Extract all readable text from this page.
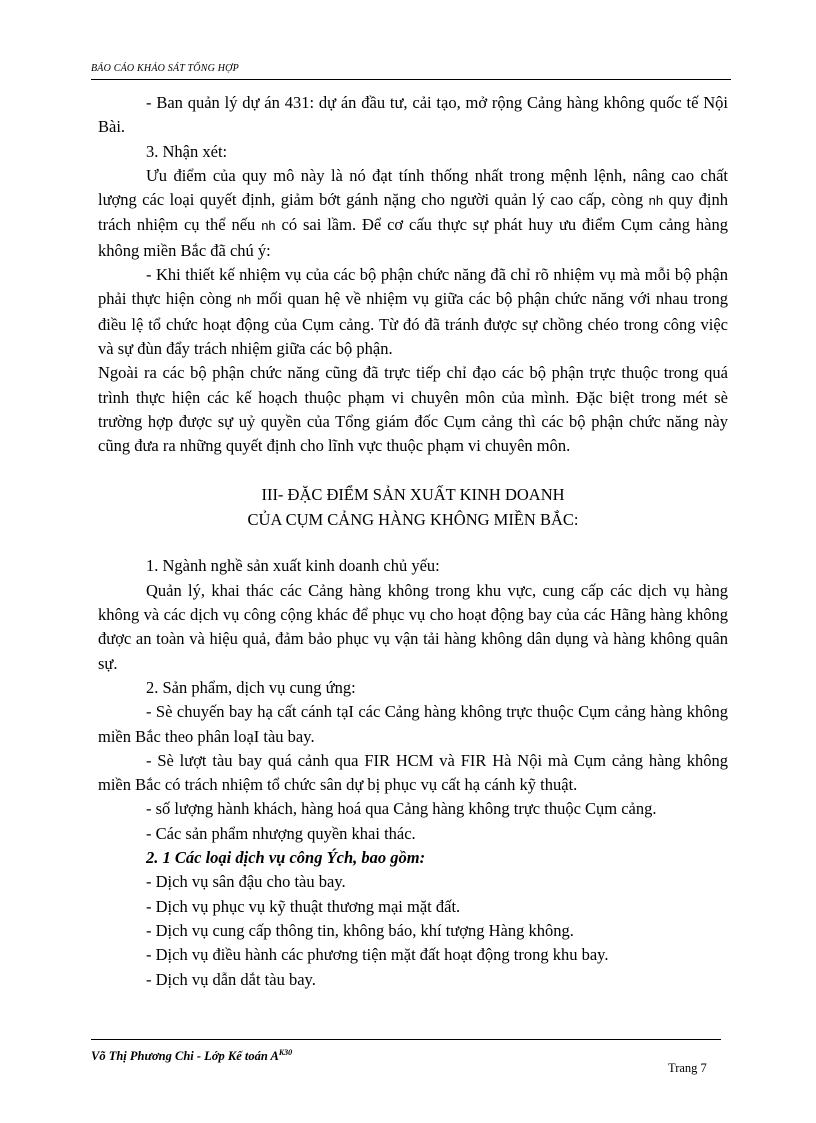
BÁO CÁO KHẢO SÁT TỔNG HỢP

- Ban quản lý dự án 431: dự án đầu tư, cải tạo, mở rộng Cảng hàng không quốc tế Nội Bài.

3. Nhận xét:

Ưu điểm của quy mô này là nó đạt tính thống nhất trong mệnh lệnh, nâng cao chất lượng các loại quyết định, giảm bớt gánh nặng cho người quản lý cao cấp, còng nh quy định trách nhiệm cụ thể nếu nh có sai lầm. Để cơ cấu thực sự phát huy ưu điểm Cụm cảng hàng không miền Bắc đã chú ý:

- Khi thiết kế nhiệm vụ của các bộ phận chức năng đã chỉ rõ nhiệm vụ mà mỗi bộ phận phải thực hiện còng nh mối quan hệ về nhiệm vụ giữa các bộ phận chức năng với nhau trong điều lệ tổ chức hoạt động của Cụm cảng. Từ đó đã tránh được sự chồng chéo trong công việc và sự đùn đẩy trách nhiệm giữa các bộ phận.

Ngoài ra các bộ phận chức năng cũng đã trực tiếp chỉ đạo các bộ phận trực thuộc trong quá trình thực hiện các kế hoạch thuộc phạm vi chuyên môn của mình. Đặc biệt trong mét sè trường hợp được sự uỷ quyền của Tổng giám đốc Cụm cảng thì các bộ phận chức năng này cũng đưa ra những quyết định cho lĩnh vực thuộc phạm vi chuyên môn.

III- ĐẶC ĐIỂM SẢN XUẤT KINH DOANH

CỦA CỤM CẢNG HÀNG KHÔNG MIỀN BẮC:

1. Ngành nghề sản xuất kinh doanh chủ yếu:

Quản lý, khai thác các Cảng hàng không trong khu vực, cung cấp các dịch vụ hàng không và các dịch vụ công cộng khác để phục vụ cho hoạt động bay của các Hãng hàng không được an toàn và hiệu quả, đảm bảo phục vụ vận tải hàng không dân dụng và hàng không quân sự.

2. Sản phẩm, dịch vụ cung ứng:

- Sè chuyến bay hạ cất cánh tạI các Cảng hàng không trực thuộc Cụm cảng hàng không miền Bắc theo phân loạI tàu bay.

- Sè lượt tàu bay quá cảnh qua FIR HCM và FIR Hà Nội mà Cụm cảng hàng không miền Bắc có trách nhiệm tổ chức sân dự bị phục vụ cất hạ cánh kỹ thuật.

- số lượng hành khách, hàng hoá qua Cảng hàng không trực thuộc Cụm cảng.

- Các sản phẩm nhượng quyền khai thác.

2. 1 Các loại dịch vụ công Ých, bao gồm:

- Dịch vụ sân đậu cho tàu bay.

- Dịch vụ phục vụ kỹ thuật thương mại mặt đất.

- Dịch vụ cung cấp thông tin, không báo, khí tượng Hàng không.

- Dịch vụ điều hành các phương tiện mặt đất hoạt động trong khu bay.

- Dịch vụ dẫn dắt tàu bay.

Võ Thị Phương Chi - Lớp Kế toán $A^{K30}$
Trang 7
